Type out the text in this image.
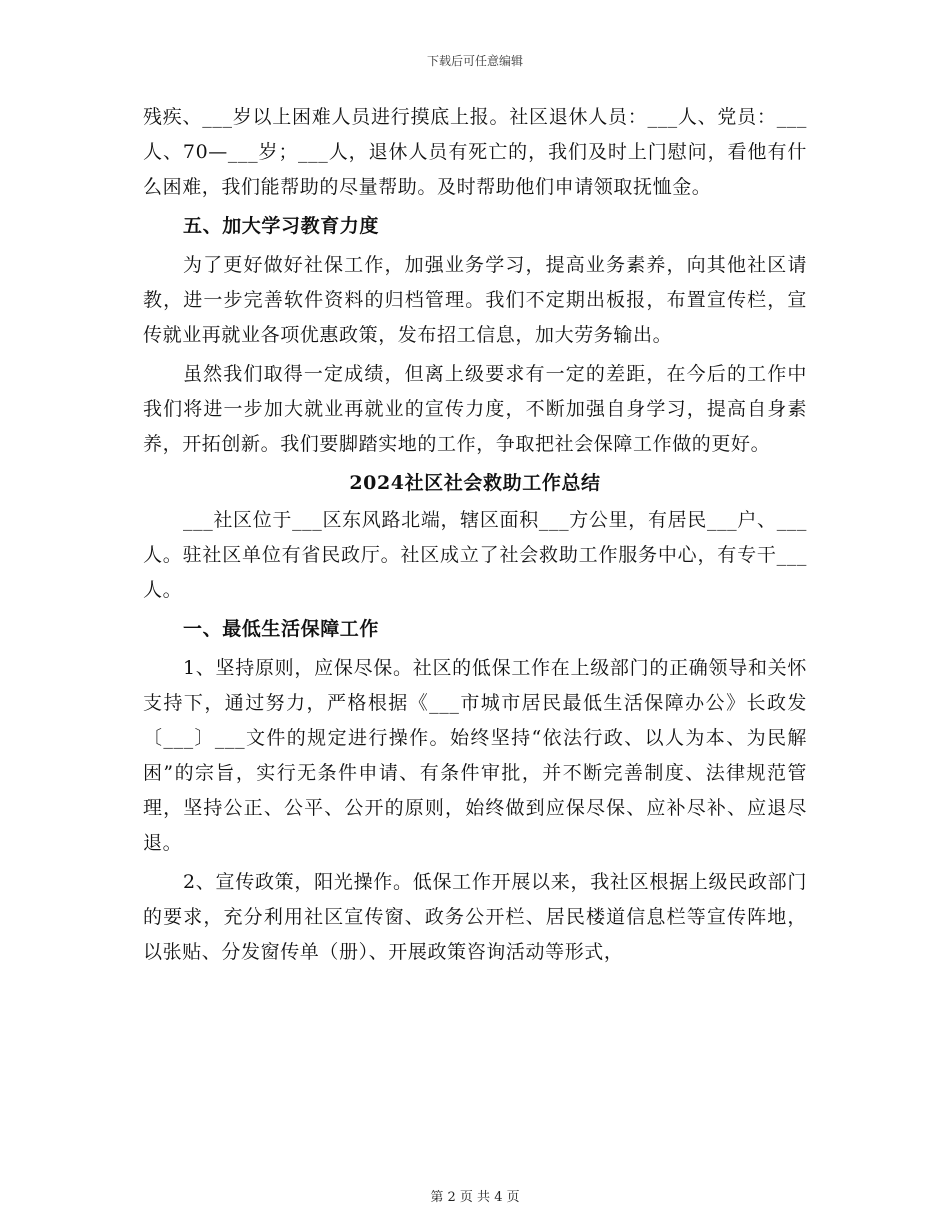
下载后可任意编辑

残疾、___岁以上困难人员进行摸底上报。社区退休人员：___人、党员：___人、70—___岁；___人，退休人员有死亡的，我们及时上门慰问，看他有什么困难，我们能帮助的尽量帮助。及时帮助他们申请领取抚恤金。

五、加大学习教育力度

为了更好做好社保工作，加强业务学习，提高业务素养，向其他社区请教，进一步完善软件资料的归档管理。我们不定期出板报，布置宣传栏，宣传就业再就业各项优惠政策，发布招工信息，加大劳务输出。

虽然我们取得一定成绩，但离上级要求有一定的差距，在今后的工作中我们将进一步加大就业再就业的宣传力度，不断加强自身学习，提高自身素养，开拓创新。我们要脚踏实地的工作，争取把社会保障工作做的更好。

2024社区社会救助工作总结

___社区位于___区东风路北端，辖区面积___方公里，有居民___户、___人。驻社区单位有省民政厅。社区成立了社会救助工作服务中心，有专干___人。

一、最低生活保障工作

1、坚持原则，应保尽保。社区的低保工作在上级部门的正确领导和关怀支持下，通过努力，严格根据《___市城市居民最低生活保障办公》长政发〔___〕___文件的规定进行操作。始终坚持“依法行政、以人为本、为民解困”的宗旨，实行无条件申请、有条件审批，并不断完善制度、法律规范管理，坚持公正、公平、公开的原则，始终做到应保尽保、应补尽补、应退尽退。

2、宣传政策，阳光操作。低保工作开展以来，我社区根据上级民政部门的要求，充分利用社区宣传窗、政务公开栏、居民楼道信息栏等宣传阵地，以张贴、分发窗传单（册）、开展政策咨询活动等形式，

第 2 页 共 4 页
